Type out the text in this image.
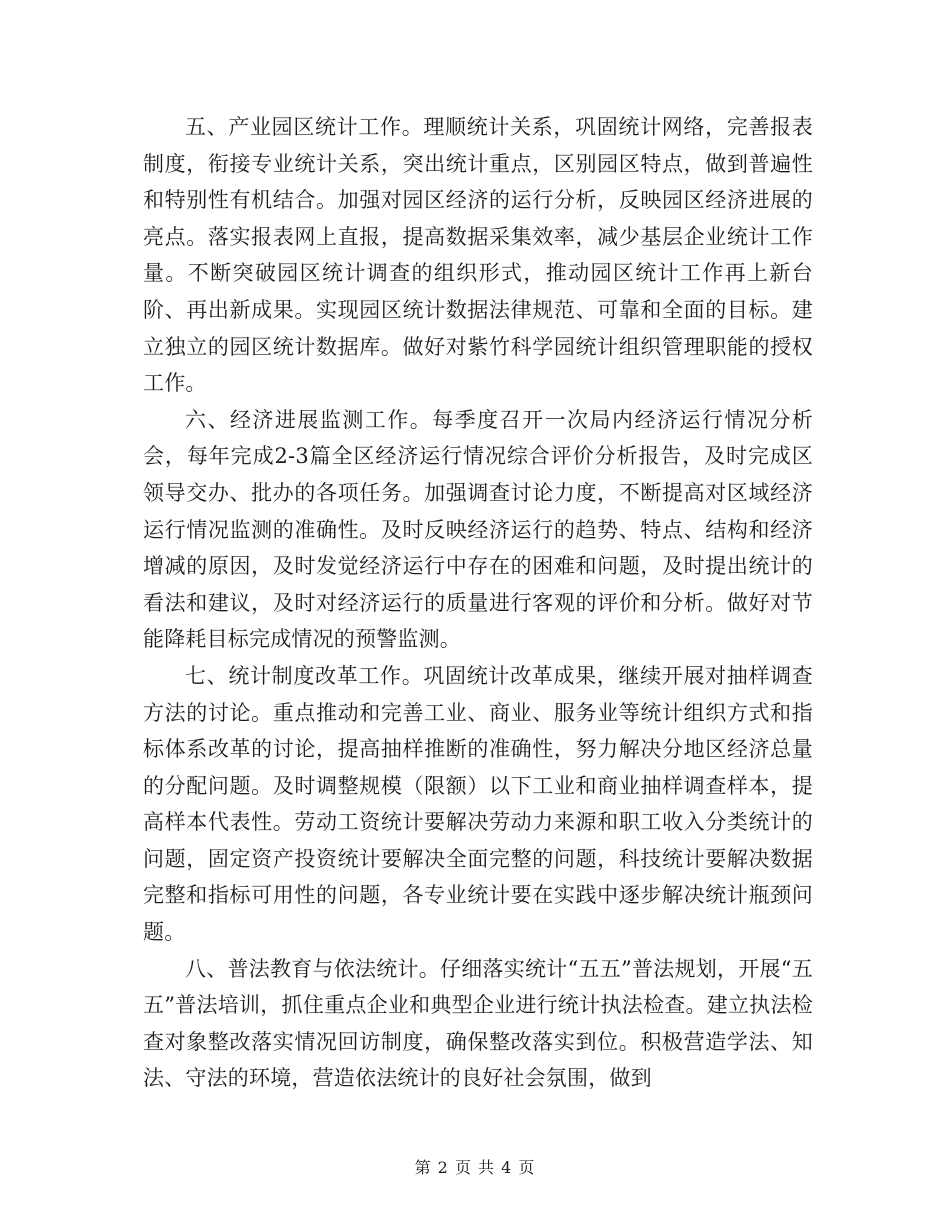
五、产业园区统计工作。理顺统计关系，巩固统计网络，完善报表制度，衔接专业统计关系，突出统计重点，区别园区特点，做到普遍性和特别性有机结合。加强对园区经济的运行分析，反映园区经济进展的亮点。落实报表网上直报，提高数据采集效率，减少基层企业统计工作量。不断突破园区统计调查的组织形式，推动园区统计工作再上新台阶、再出新成果。实现园区统计数据法律规范、可靠和全面的目标。建立独立的园区统计数据库。做好对紫竹科学园统计组织管理职能的授权工作。

六、经济进展监测工作。每季度召开一次局内经济运行情况分析会，每年完成2-3篇全区经济运行情况综合评价分析报告，及时完成区领导交办、批办的各项任务。加强调查讨论力度，不断提高对区域经济运行情况监测的准确性。及时反映经济运行的趋势、特点、结构和经济增减的原因，及时发觉经济运行中存在的困难和问题，及时提出统计的看法和建议，及时对经济运行的质量进行客观的评价和分析。做好对节能降耗目标完成情况的预警监测。

七、统计制度改革工作。巩固统计改革成果，继续开展对抽样调查方法的讨论。重点推动和完善工业、商业、服务业等统计组织方式和指标体系改革的讨论，提高抽样推断的准确性，努力解决分地区经济总量的分配问题。及时调整规模（限额）以下工业和商业抽样调查样本，提高样本代表性。劳动工资统计要解决劳动力来源和职工收入分类统计的问题，固定资产投资统计要解决全面完整的问题，科技统计要解决数据完整和指标可用性的问题，各专业统计要在实践中逐步解决统计瓶颈问题。

八、普法教育与依法统计。仔细落实统计“五五”普法规划，开展“五五”普法培训，抓住重点企业和典型企业进行统计执法检查。建立执法检查对象整改落实情况回访制度，确保整改落实到位。积极营造学法、知法、守法的环境，营造依法统计的良好社会氛围，做到

第 2 页 共 4 页
